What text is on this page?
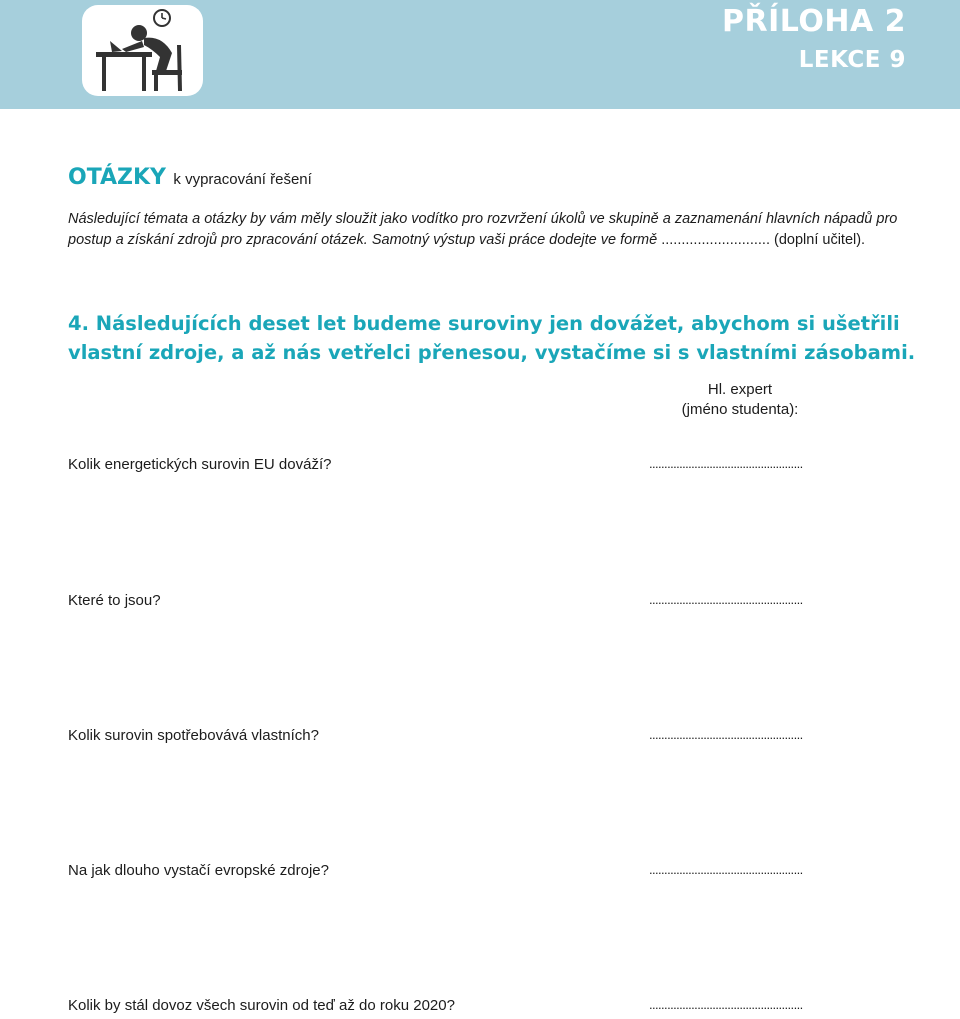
PŘÍLOHA 2
LEKCE 9
OTÁZKY k vypracování řešení
Následující témata a otázky by vám měly sloužit jako vodítko pro rozvržení úkolů ve skupině a zaznamenání hlavních nápadů pro postup a získání zdrojů pro zpracování otázek. Samotný výstup vaši práce dodejte ve formě ........................... (doplní učitel).
4. Následujících deset let budeme suroviny jen dovážet, abychom si ušetřili vlastní zdroje, a až nás vetřelci přenesou, vystačíme si s vlastními zásobami.
Hl. expert
(jméno studenta):
Kolik energetických surovin EU dováží?	...................................................
Které to jsou?	...................................................
Kolik surovin spotřebovává vlastních?	...................................................
Na jak dlouho vystačí evropské zdroje?	...................................................
Kolik by stál dovoz všech surovin od teď až do roku 2020?	...................................................
